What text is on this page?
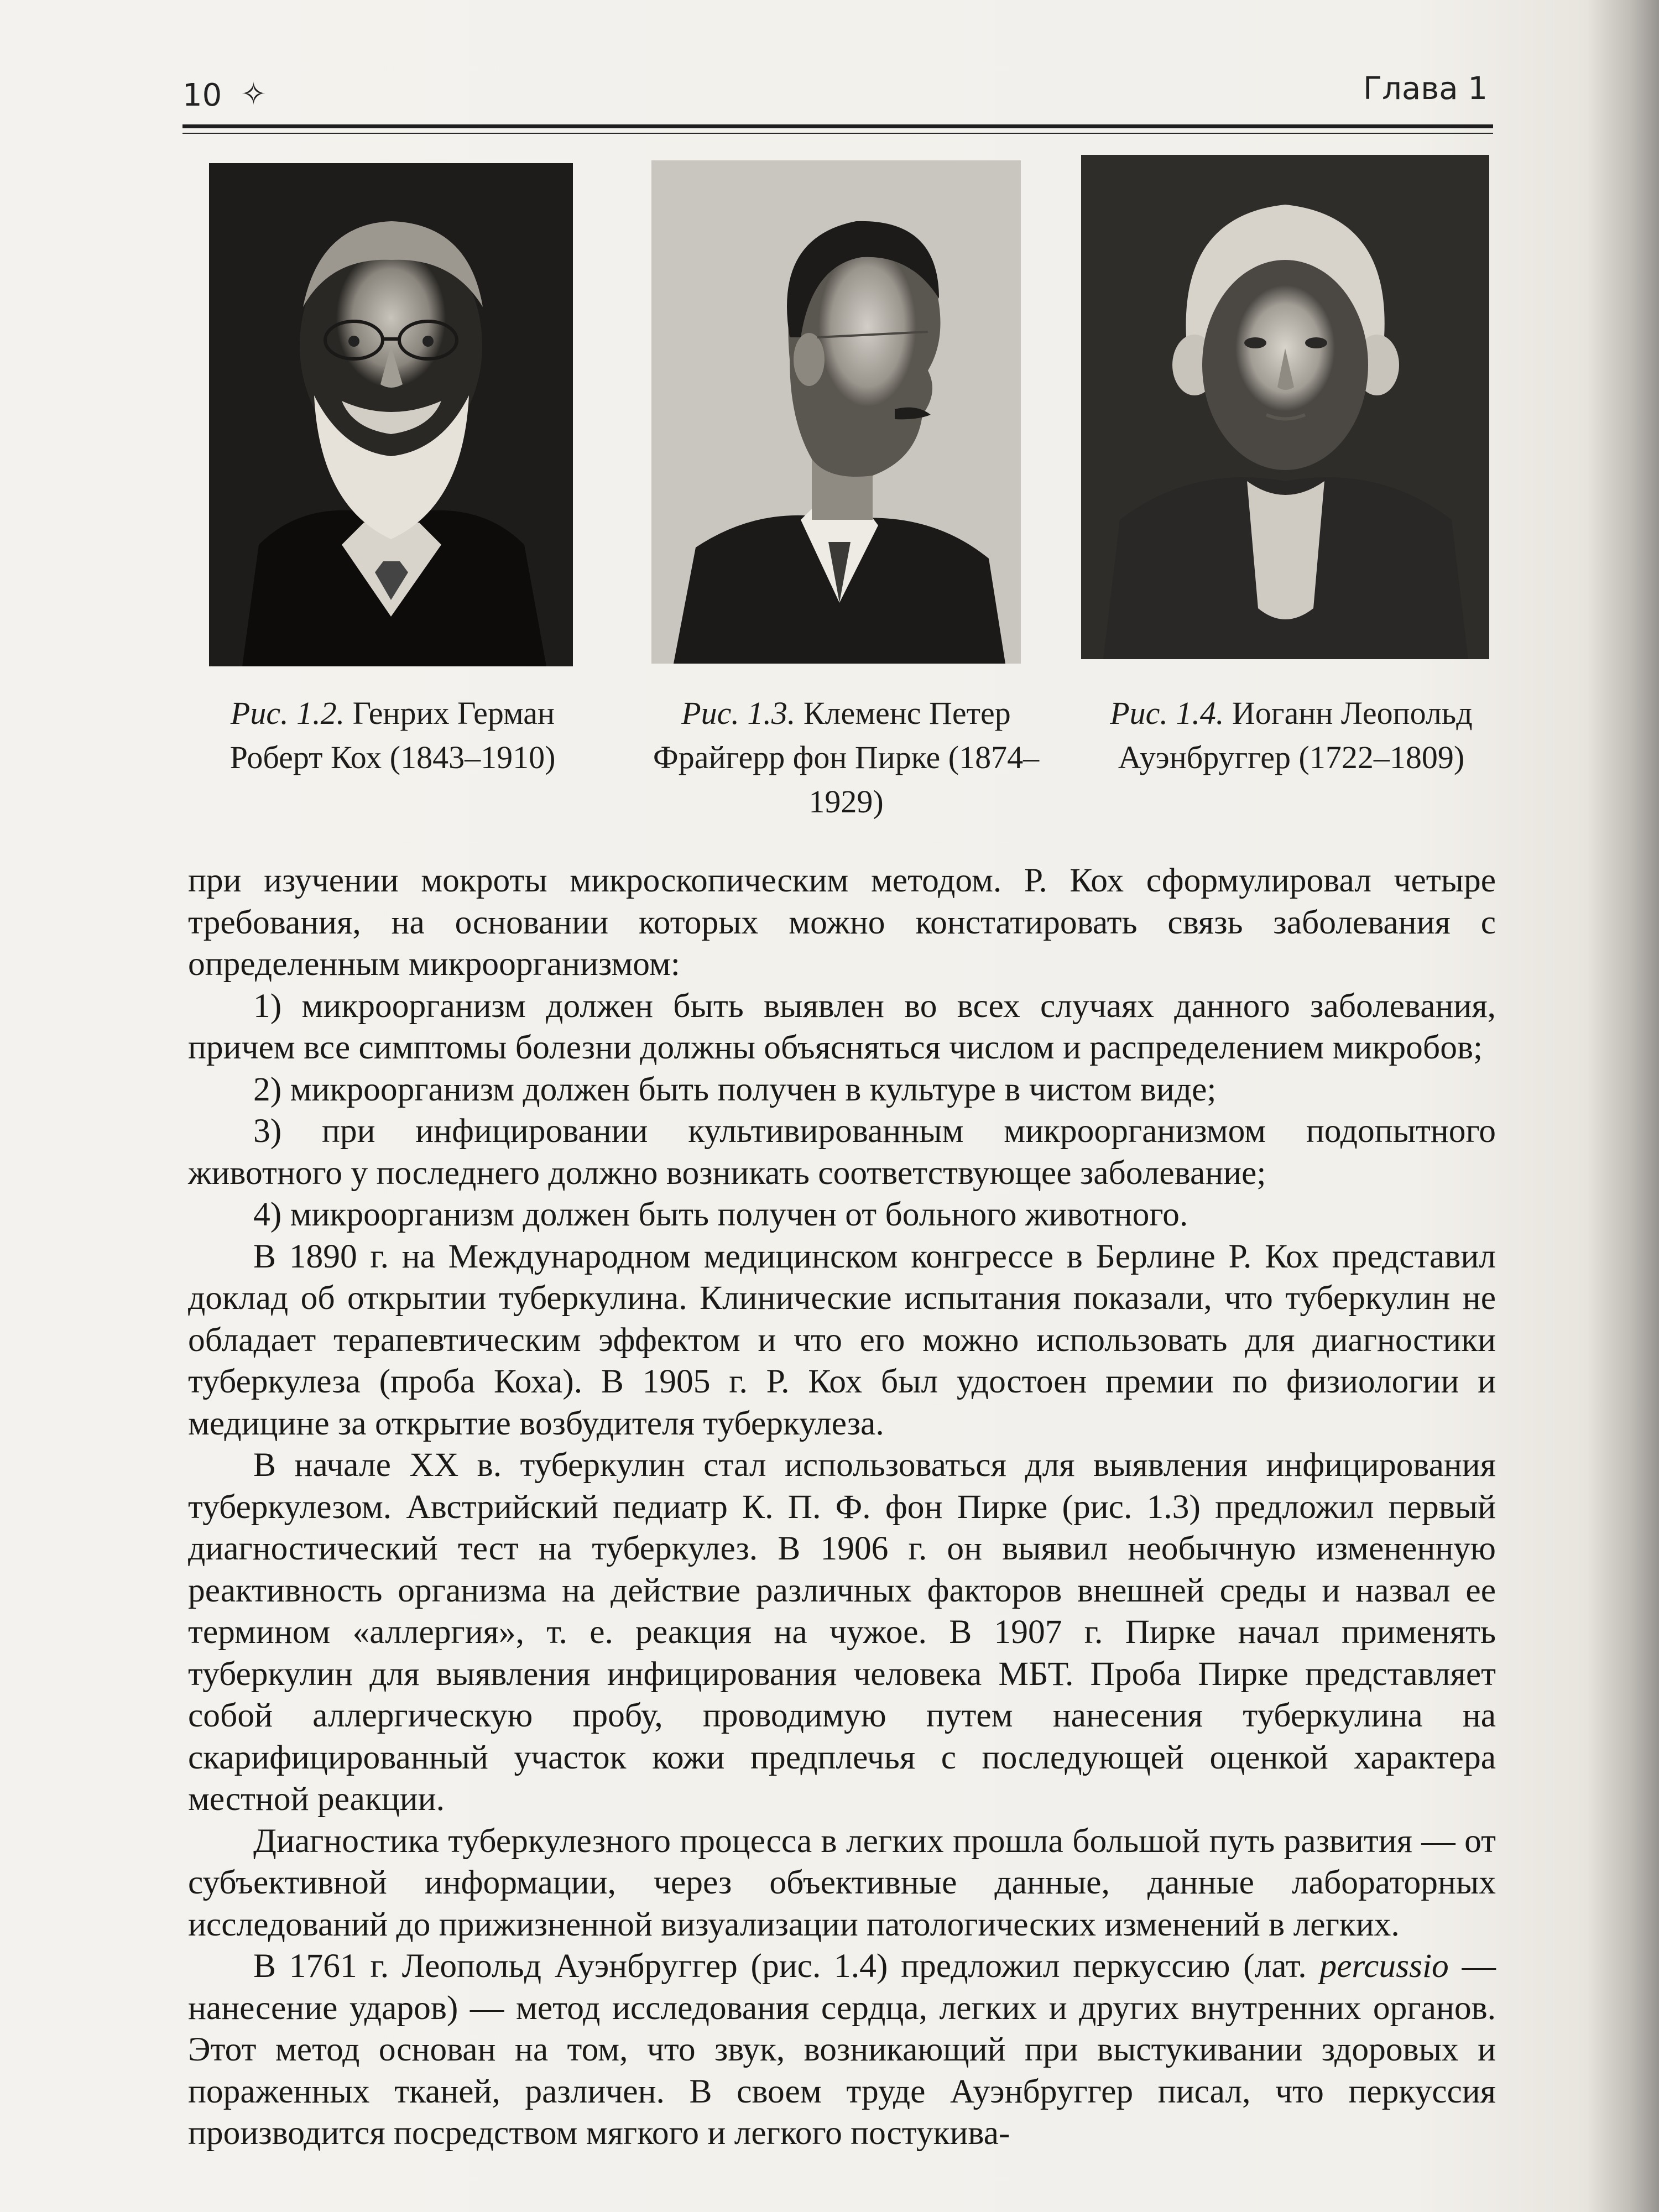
10 ✧	Глава 1
Рис. 1.2. Генрих Герман Роберт Кох (1843–1910)
Рис. 1.3. Клеменс Петер Фрайгерр фон Пирке (1874–1929)
Рис. 1.4. Иоганн Леопольд Ауэнбруггер (1722–1809)

при изучении мокроты микроскопическим методом. Р. Кох сформулировал четыре требования, на основании которых можно констатировать связь заболевания с определенным микроорганизмом:

1) микроорганизм должен быть выявлен во всех случаях данного заболевания, причем все симптомы болезни должны объясняться числом и распределением микробов;

2) микроорганизм должен быть получен в культуре в чистом виде;

3) при инфицировании культивированным микроорганизмом подопытного животного у последнего должно возникать соответствующее заболевание;

4) микроорганизм должен быть получен от больного животного.

В 1890 г. на Международном медицинском конгрессе в Берлине Р. Кох представил доклад об открытии туберкулина. Клинические испытания показали, что туберкулин не обладает терапевтическим эффектом и что его можно использовать для диагностики туберкулеза (проба Коха). В 1905 г. Р. Кох был удостоен премии по физиологии и медицине за открытие возбудителя туберкулеза.

В начале XX в. туберкулин стал использоваться для выявления инфицирования туберкулезом. Австрийский педиатр К. П. Ф. фон Пирке (рис. 1.3) предложил первый диагностический тест на туберкулез. В 1906 г. он выявил необычную измененную реактивность организма на действие различных факторов внешней среды и назвал ее термином «аллергия», т. е. реакция на чужое. В 1907 г. Пирке начал применять туберкулин для выявления инфицирования человека МБТ. Проба Пирке представляет собой аллергическую пробу, проводимую путем нанесения туберкулина на скарифицированный участок кожи предплечья с последующей оценкой характера местной реакции.

Диагностика туберкулезного процесса в легких прошла большой путь развития — от субъективной информации, через объективные данные, данные лабораторных исследований до прижизненной визуализации патологических изменений в легких.

В 1761 г. Леопольд Ауэнбруггер (рис. 1.4) предложил перкуссию (лат. percussio — нанесение ударов) — метод исследования сердца, легких и других внутренних органов. Этот метод основан на том, что звук, возникающий при выстукивании здоровых и пораженных тканей, различен. В своем труде Ауэнбруггер писал, что перкуссия производится посредством мягкого и легкого постукива-
